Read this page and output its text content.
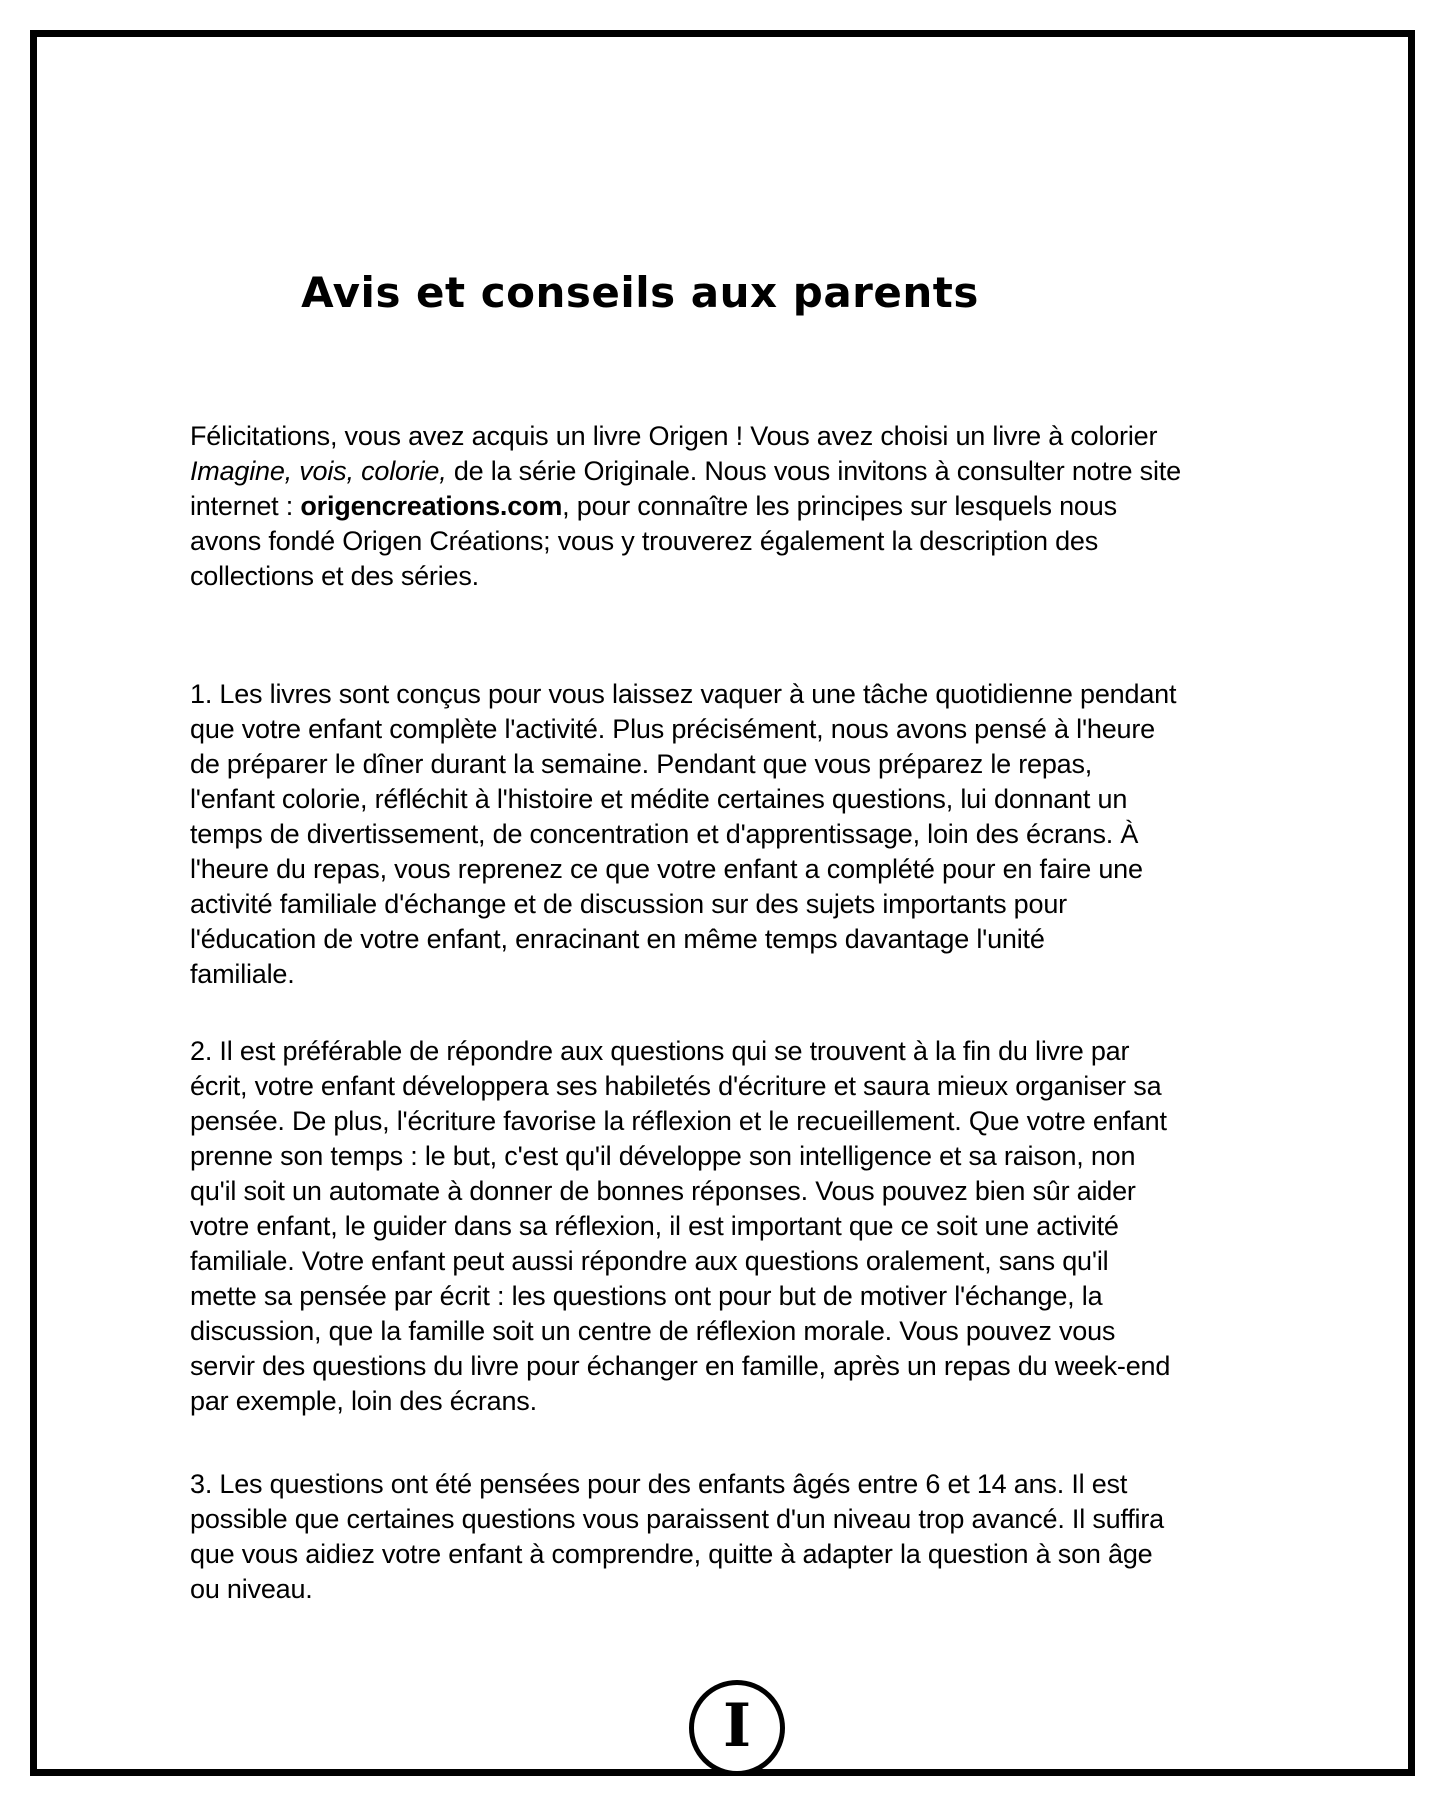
Avis et conseils aux parents
Félicitations, vous avez acquis un livre Origen ! Vous avez choisi un livre à colorier
Imagine, vois, colorie, de la série Originale. Nous vous invitons à consulter notre site
internet : origencreations.com, pour connaître les principes sur lesquels nous
avons fondé Origen Créations; vous y trouverez également la description des
collections et des séries.
1. Les livres sont conçus pour vous laissez vaquer à une tâche quotidienne pendant
que votre enfant complète l'activité. Plus précisément, nous avons pensé à l'heure
de préparer le dîner durant la semaine. Pendant que vous préparez le repas,
l'enfant colorie, réfléchit à l'histoire et médite certaines questions, lui donnant un
temps de divertissement, de concentration et d'apprentissage, loin des écrans. À
l'heure du repas, vous reprenez ce que votre enfant a complété pour en faire une
activité familiale d'échange et de discussion sur des sujets importants pour
l'éducation de votre enfant, enracinant en même temps davantage l'unité
familiale.
2. Il est préférable de répondre aux questions qui se trouvent à la fin du livre par
écrit, votre enfant développera ses habiletés d'écriture et saura mieux organiser sa
pensée. De plus, l'écriture favorise la réflexion et le recueillement. Que votre enfant
prenne son temps : le but, c'est qu'il développe son intelligence et sa raison, non
qu'il soit un automate à donner de bonnes réponses. Vous pouvez bien sûr aider
votre enfant, le guider dans sa réflexion, il est important que ce soit une activité
familiale. Votre enfant peut aussi répondre aux questions oralement, sans qu'il
mette sa pensée par écrit : les questions ont pour but de motiver l'échange, la
discussion, que la famille soit un centre de réflexion morale. Vous pouvez vous
servir des questions du livre pour échanger en famille, après un repas du week-end
par exemple, loin des écrans.
3. Les questions ont été pensées pour des enfants âgés entre 6 et 14 ans. Il est
possible que certaines questions vous paraissent d'un niveau trop avancé. Il suffira
que vous aidiez votre enfant à comprendre, quitte à adapter la question à son âge
ou niveau.
I
